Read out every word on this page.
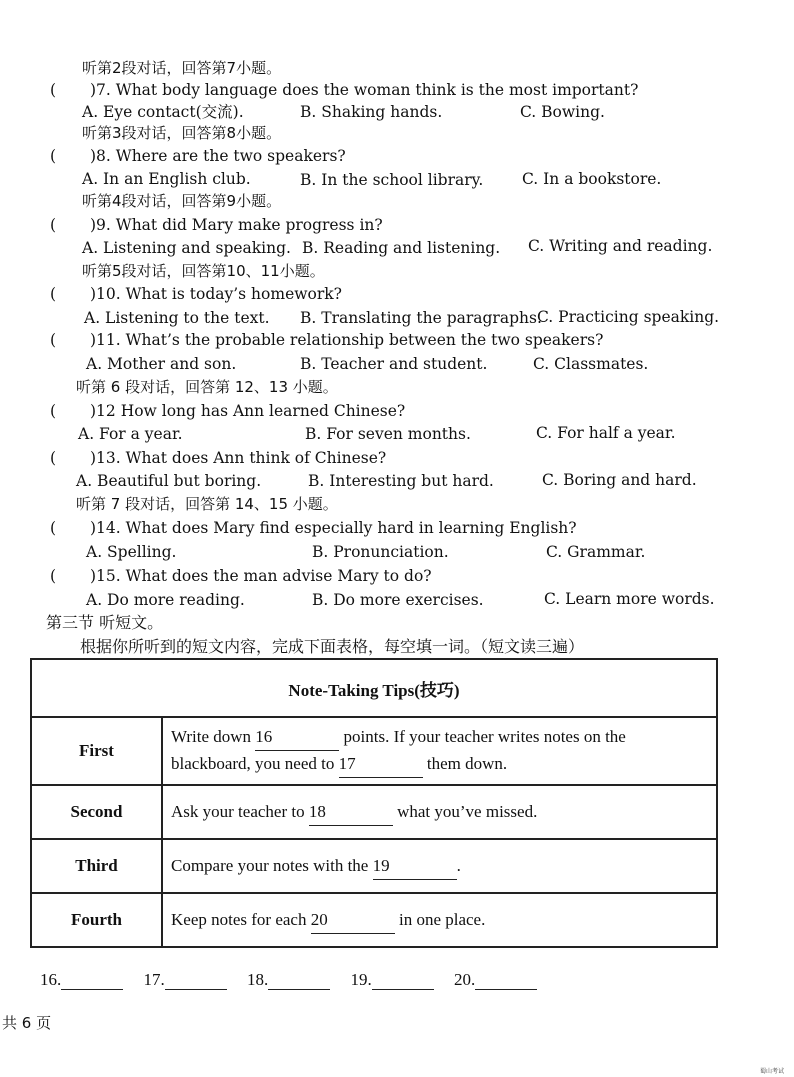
听第2段对话，回答第7小题。
( )7. What body language does the woman think is the most important?
A. Eye contact(交流).	B. Shaking hands.	C. Bowing.
听第3段对话，回答第8小题。
( )8. Where are the two speakers?
A. In an English club.	B. In the school library. C. In a bookstore.
听第4段对话，回答第9小题。
( )9. What did Mary make progress in?
A. Listening and speaking. B. Reading and listening. C. Writing and reading.
听第5段对话，回答第10、11小题。
( )10. What is today’s homework?
A. Listening to the text. B. Translating the paragraphs.
C. Practicing speaking.
( )11. What’s the probable relationship between the two speakers?
A. Mother and son.	B. Teacher and student.	C. Classmates.
听第 6 段对话，回答第 12、13 小题。
( )12 How long has Ann learned Chinese?
A. For a year.	B. For seven months.	C. For half a year.
( )13. What does Ann think of Chinese?
A. Beautiful but boring.	B. Interesting but hard.	C. Boring and hard.
听第 7 段对话，回答第 14、15 小题。
( )14. What does Mary find especially hard in learning English?
A. Spelling.	B. Pronunciation.	C. Grammar.
( )15. What does the man advise Mary to do?
A. Do more reading.	B. Do more exercises.	C. Learn more words.
第三节 听短文。
根据你所听到的短文内容，完成下面表格，每空填一词。（短文读三遍）
Note-Taking Tips(技巧)	
First	Write down 16 points. If your teacher writes notes on the blackboard, you need to 17 them down.
Second	Ask your teacher to 18 what you’ve missed.
Third	Compare your notes with the 19 .
Fourth	Keep notes for each 20 in one place.
16.	17.	18.	19.	20.
共 6 页
蜀山考试
